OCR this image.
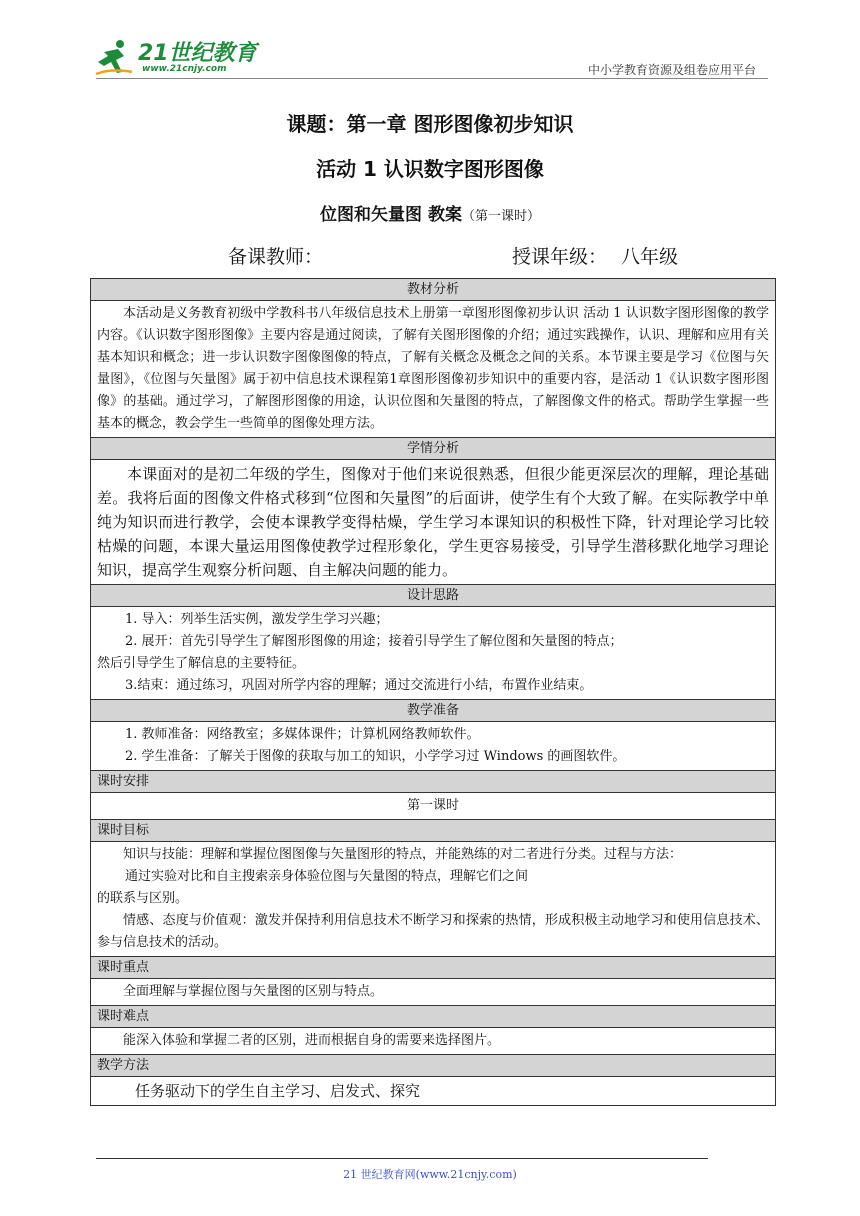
21世纪教育
www.21cnjy.com	中小学教育资源及组卷应用平台
课题：第一章 图形图像初步知识
活动 1 认识数字图形图像
位图和矢量图 教案（第一课时）
备课教师：	授课年级： 八年级
教材分析
本活动是义务教育初级中学教科书八年级信息技术上册第一章图形图像初步认识 活动 1 认识数字图形图像的教学内容。《认识数字图形图像》主要内容是通过阅读，了解有关图形图像的介绍；通过实践操作，认识、理解和应用有关基本知识和概念；进一步认识数字图像图像的特点，了解有关概念及概念之间的关系。本节课主要是学习《位图与矢量图》，《位图与矢量图》属于初中信息技术课程第1章图形图像初步知识中的重要内容，是活动 1《认识数字图形图像》的基础。通过学习，了解图形图像的用途，认识位图和矢量图的特点，了解图像文件的格式。帮助学生掌握一些基本的概念，教会学生一些简单的图像处理方法。
学情分析
本课面对的是初二年级的学生，图像对于他们来说很熟悉，但很少能更深层次的理解，理论基础差。我将后面的图像文件格式移到“位图和矢量图”的后面讲，使学生有个大致了解。在实际教学中单纯为知识而进行教学，会使本课教学变得枯燥，学生学习本课知识的积极性下降，针对理论学习比较枯燥的问题，本课大量运用图像使教学过程形象化，学生更容易接受，引导学生潜移默化地学习理论知识，提高学生观察分析问题、自主解决问题的能力。
设计思路
1. 导入：列举生活实例，激发学生学习兴趣；
2. 展开：首先引导学生了解图形图像的用途；接着引导学生了解位图和矢量图的特点；
然后引导学生了解信息的主要特征。
3.结束：通过练习，巩固对所学内容的理解；通过交流进行小结，布置作业结束。
教学准备
1. 教师准备：网络教室；多媒体课件；计算机网络教师软件。
2. 学生准备：了解关于图像的获取与加工的知识，小学学习过 Windows 的画图软件。
课时安排
第一课时
课时目标
知识与技能：理解和掌握位图图像与矢量图形的特点，并能熟练的对二者进行分类。过程与方法：
通过实验对比和自主搜索亲身体验位图与矢量图的特点，理解它们之间
的联系与区别。
情感、态度与价值观：激发并保持利用信息技术不断学习和探索的热情，形成积极主动地学习和使用信息技术、参与信息技术的活动。
课时重点
全面理解与掌握位图与矢量图的区别与特点。
课时难点
能深入体验和掌握二者的区别，进而根据自身的需要来选择图片。
教学方法
任务驱动下的学生自主学习、启发式、探究
21 世纪教育网(www.21cnjy.com)
